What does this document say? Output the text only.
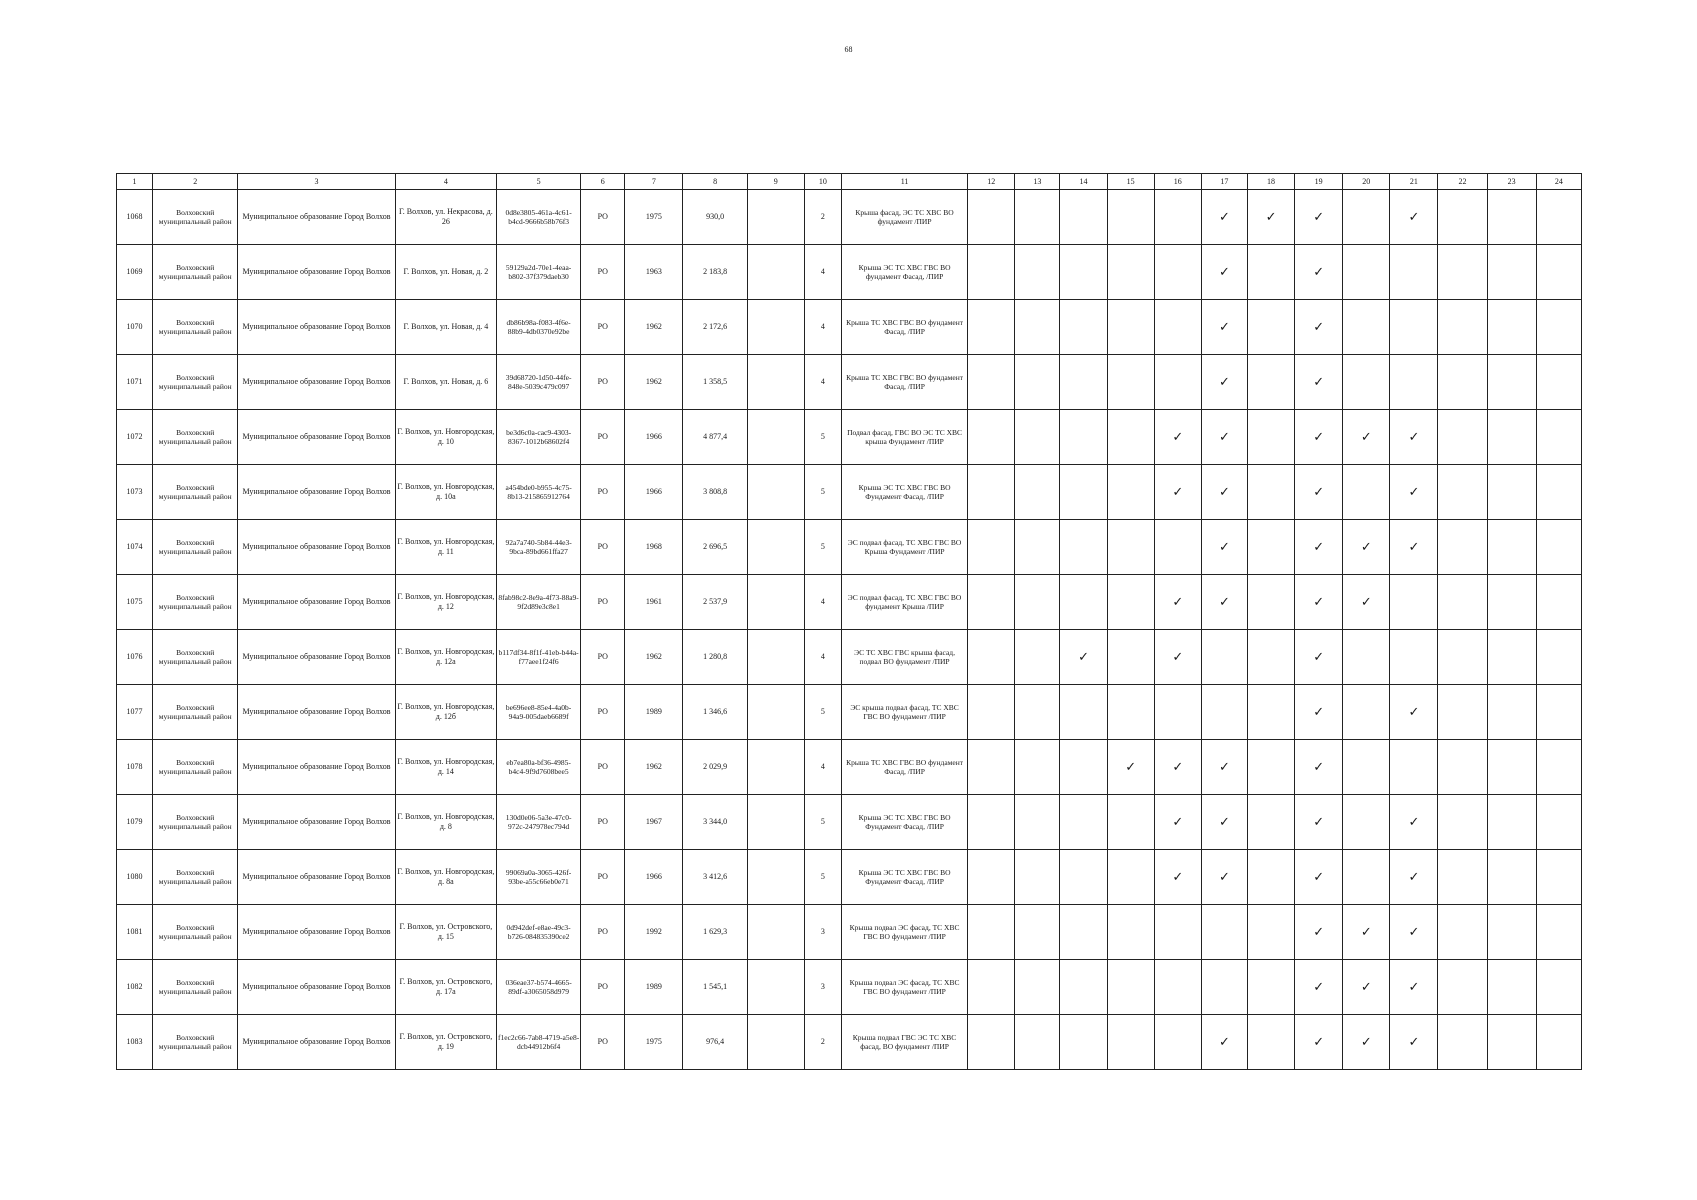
68
1	2	3	4	5	6	7	8	9	10	11	12	13	14	15	16	17	18	19	20	21	22	23	24
1068	Волховский муниципальный район	Муниципальное образование Город Волхов	Г. Волхов, ул. Некрасова, д. 26	0d8e3805-461a-4c61-b4cd-9666b58b76f3	РО	1975	930,0		2	Крыша фасад, ЭС ТС ХВС ВО фундамент /ПИР						✓	✓	✓		✓			
1069	Волховский муниципальный район	Муниципальное образование Город Волхов	Г. Волхов, ул. Новая, д. 2	59129a2d-70e1-4eaa-b802-37f379daeb30	РО	1963	2 183,8		4	Крыша ЭС ТС ХВС ГВС ВО фундамент Фасад, /ПИР						✓		✓					
1070	Волховский муниципальный район	Муниципальное образование Город Волхов	Г. Волхов, ул. Новая, д. 4	db86b98a-f083-4f6e-88b9-4db0370e92be	РО	1962	2 172,6		4	Крыша ТС ХВС ГВС ВО фундамент Фасад, /ПИР						✓		✓					
1071	Волховский муниципальный район	Муниципальное образование Город Волхов	Г. Волхов, ул. Новая, д. 6	39d68720-1d50-44fe-848e-5039c479c097	РО	1962	1 358,5		4	Крыша ТС ХВС ГВС ВО фундамент Фасад, /ПИР						✓		✓					
1072	Волховский муниципальный район	Муниципальное образование Город Волхов	Г. Волхов, ул. Новгородская, д. 10	be3d6c0a-cac9-4303-8367-1012b68602f4	РО	1966	4 877,4		5	Подвал фасад, ГВС ВО ЭС ТС ХВС крыша Фундамент /ПИР					✓	✓		✓	✓	✓			
1073	Волховский муниципальный район	Муниципальное образование Город Волхов	Г. Волхов, ул. Новгородская, д. 10а	a454bde0-b955-4c75-8b13-215865912764	РО	1966	3 808,8		5	Крыша ЭС ТС ХВС ГВС ВО Фундамент Фасад, /ПИР					✓	✓		✓		✓			
1074	Волховский муниципальный район	Муниципальное образование Город Волхов	Г. Волхов, ул. Новгородская, д. 11	92a7a740-5b84-44e3-9bca-89bd661ffa27	РО	1968	2 696,5		5	ЭС подвал фасад, ТС ХВС ГВС ВО Крыша Фундамент /ПИР						✓		✓	✓	✓			
1075	Волховский муниципальный район	Муниципальное образование Город Волхов	Г. Волхов, ул. Новгородская, д. 12	8fab98c2-8e9a-4f73-88a9-9f2d89e3c8e1	РО	1961	2 537,9		4	ЭС подвал фасад, ТС ХВС ГВС ВО фундамент Крыша /ПИР					✓	✓		✓	✓				
1076	Волховский муниципальный район	Муниципальное образование Город Волхов	Г. Волхов, ул. Новгородская, д. 12а	b117df34-8f1f-41eb-b44a-f77aee1f24f6	РО	1962	1 280,8		4	ЭС ТС ХВС ГВС крыша фасад, подвал ВО фундамент /ПИР			✓		✓			✓					
1077	Волховский муниципальный район	Муниципальное образование Город Волхов	Г. Волхов, ул. Новгородская, д. 12б	be696ee8-85e4-4a0b-94a9-005daeb6689f	РО	1989	1 346,6		5	ЭС крыша подвал фасад, ТС ХВС ГВС ВО фундамент /ПИР								✓		✓			
1078	Волховский муниципальный район	Муниципальное образование Город Волхов	Г. Волхов, ул. Новгородская, д. 14	eb7ea80a-bf36-4985-b4c4-9f9d7608bee5	РО	1962	2 029,9		4	Крыша ТС ХВС ГВС ВО фундамент Фасад, /ПИР				✓	✓	✓		✓					
1079	Волховский муниципальный район	Муниципальное образование Город Волхов	Г. Волхов, ул. Новгородская, д. 8	130d0e06-5a3e-47c0-972c-247978ec794d	РО	1967	3 344,0		5	Крыша ЭС ТС ХВС ГВС ВО Фундамент Фасад, /ПИР					✓	✓		✓		✓			
1080	Волховский муниципальный район	Муниципальное образование Город Волхов	Г. Волхов, ул. Новгородская, д. 8а	99069a0a-3065-426f-93be-a55c66eb0e71	РО	1966	3 412,6		5	Крыша ЭС ТС ХВС ГВС ВО Фундамент Фасад, /ПИР					✓	✓		✓		✓			
1081	Волховский муниципальный район	Муниципальное образование Город Волхов	Г. Волхов, ул. Островского, д. 15	0d942def-e8ae-49c3-b726-084835390ce2	РО	1992	1 629,3		3	Крыша подвал ЭС фасад, ТС ХВС ГВС ВО фундамент /ПИР								✓	✓	✓			
1082	Волховский муниципальный район	Муниципальное образование Город Волхов	Г. Волхов, ул. Островского, д. 17а	036eae37-b574-4665-89df-a3065058d979	РО	1989	1 545,1		3	Крыша подвал ЭС фасад, ТС ХВС ГВС ВО фундамент /ПИР								✓	✓	✓			
1083	Волховский муниципальный район	Муниципальное образование Город Волхов	Г. Волхов, ул. Островского, д. 19	f1ec2c66-7ab8-4719-a5e8-dcb44912b6f4	РО	1975	976,4		2	Крыша подвал ГВС ЭС ТС ХВС фасад, ВО фундамент /ПИР						✓		✓	✓	✓			
